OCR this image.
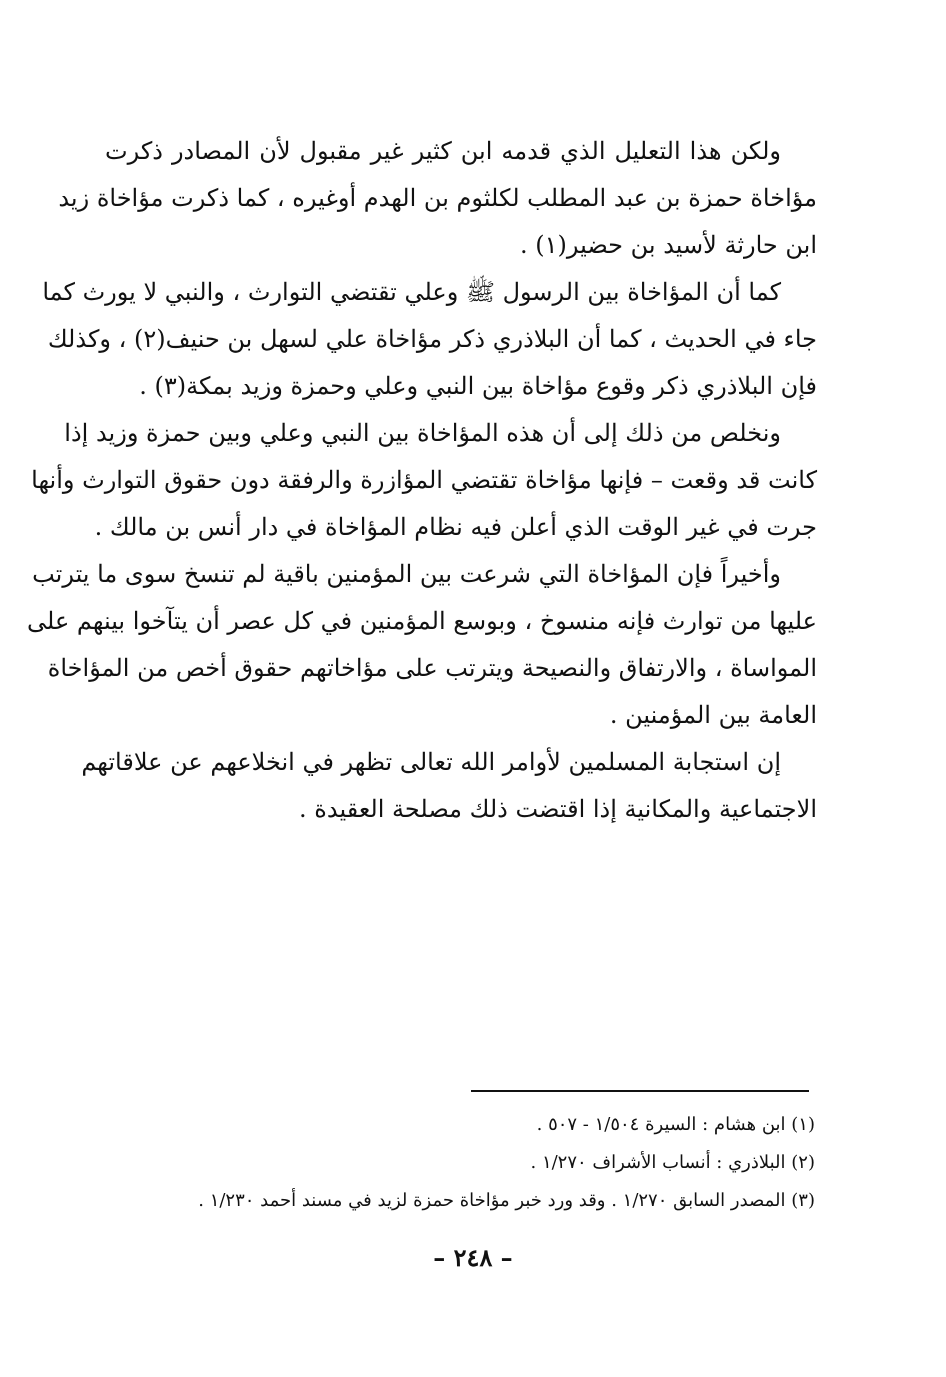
ولكن هذا التعليل الذي قدمه ابن كثير غير مقبول لأن المصادر ذكرت
مؤاخاة حمزة بن عبد المطلب لكلثوم بن الهدم أوغيره ، كما ذكرت مؤاخاة زيد
ابن حارثة لأسيد بن حضير(١) .
كما أن المؤاخاة بين الرسول ﷺ وعلي تقتضي التوارث ، والنبي لا يورث كما
جاء في الحديث ، كما أن البلاذري ذكر مؤاخاة علي لسهل بن حنيف(٢) ، وكذلك
فإن البلاذري ذكر وقوع مؤاخاة بين النبي وعلي وحمزة وزيد بمكة(٣) .
ونخلص من ذلك إلى أن هذه المؤاخاة بين النبي وعلي وبين حمزة وزيد إذا
كانت قد وقعت – فإنها مؤاخاة تقتضي المؤازرة والرفقة دون حقوق التوارث وأنها
جرت في غير الوقت الذي أعلن فيه نظام المؤاخاة في دار أنس بن مالك .
وأخيراً فإن المؤاخاة التي شرعت بين المؤمنين باقية لم تنسخ سوى ما يترتب
عليها من توارث فإنه منسوخ ، وبوسع المؤمنين في كل عصر أن يتآخوا بينهم على
المواساة ، والارتفاق والنصيحة ويترتب على مؤاخاتهم حقوق أخص من المؤاخاة
العامة بين المؤمنين .
إن استجابة المسلمين لأوامر الله تعالى تظهر في انخلاعهم عن علاقاتهم
الاجتماعية والمكانية إذا اقتضت ذلك مصلحة العقيدة .
(١) ابن هشام : السيرة ١/٥٠٤ - ٥٠٧ .
(٢) البلاذري : أنساب الأشراف ١/٢٧٠ .
(٣) المصدر السابق ١/٢٧٠ . وقد ورد خبر مؤاخاة حمزة لزيد في مسند أحمد ١/٢٣٠ .
– ٢٤٨ –
